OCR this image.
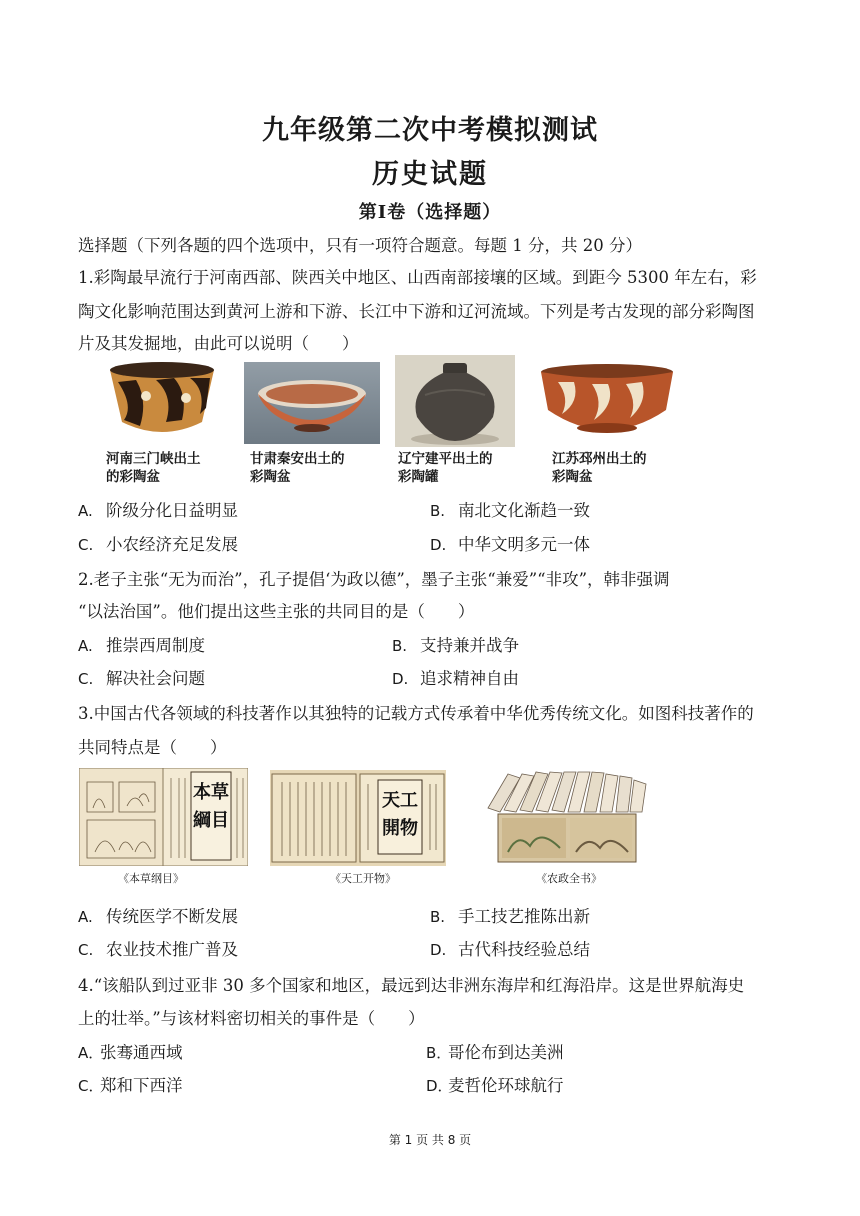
九年级第二次中考模拟测试
历史试题
第Ⅰ卷（选择题）
选择题（下列各题的四个选项中，只有一项符合题意。每题 1 分，共 20 分）
1.彩陶最早流行于河南西部、陕西关中地区、山西南部接壤的区域。到距今 5300 年左右，彩
陶文化影响范围达到黄河上游和下游、长江中下游和辽河流域。下列是考古发现的部分彩陶图
片及其发掘地，由此可以说明（　　）
河南三门峡出土
的彩陶盆
甘肃秦安出土的
彩陶盆
辽宁建平出土的
彩陶罐
江苏邳州出土的
彩陶盆
A. 阶级分化日益明显	B. 南北文化渐趋一致
C. 小农经济充足发展	D. 中华文明多元一体
2.老子主张“无为而治”，孔子提倡‘为政以德”，墨子主张“兼爱”“非攻”，韩非强调
“以法治国”。他们提出这些主张的共同目的是（　　）
A. 推崇西周制度	B. 支持兼并战争
C. 解决社会问题	D. 追求精神自由
3.中国古代各领域的科技著作以其独特的记载方式传承着中华优秀传统文化。如图科技著作的
共同特点是（　　）
本草
綱目
天工
開物
《本草纲目》	《天工开物》	《农政全书》
A. 传统医学不断发展	B. 手工技艺推陈出新
C. 农业技术推广普及	D. 古代科技经验总结
4.“该船队到过亚非 30 多个国家和地区，最远到达非洲东海岸和红海沿岸。这是世界航海史
上的壮举。”与该材料密切相关的事件是（　　）
A．张骞通西域	B．哥伦布到达美洲
C．郑和下西洋	D．麦哲伦环球航行
第 1 页 共 8 页
